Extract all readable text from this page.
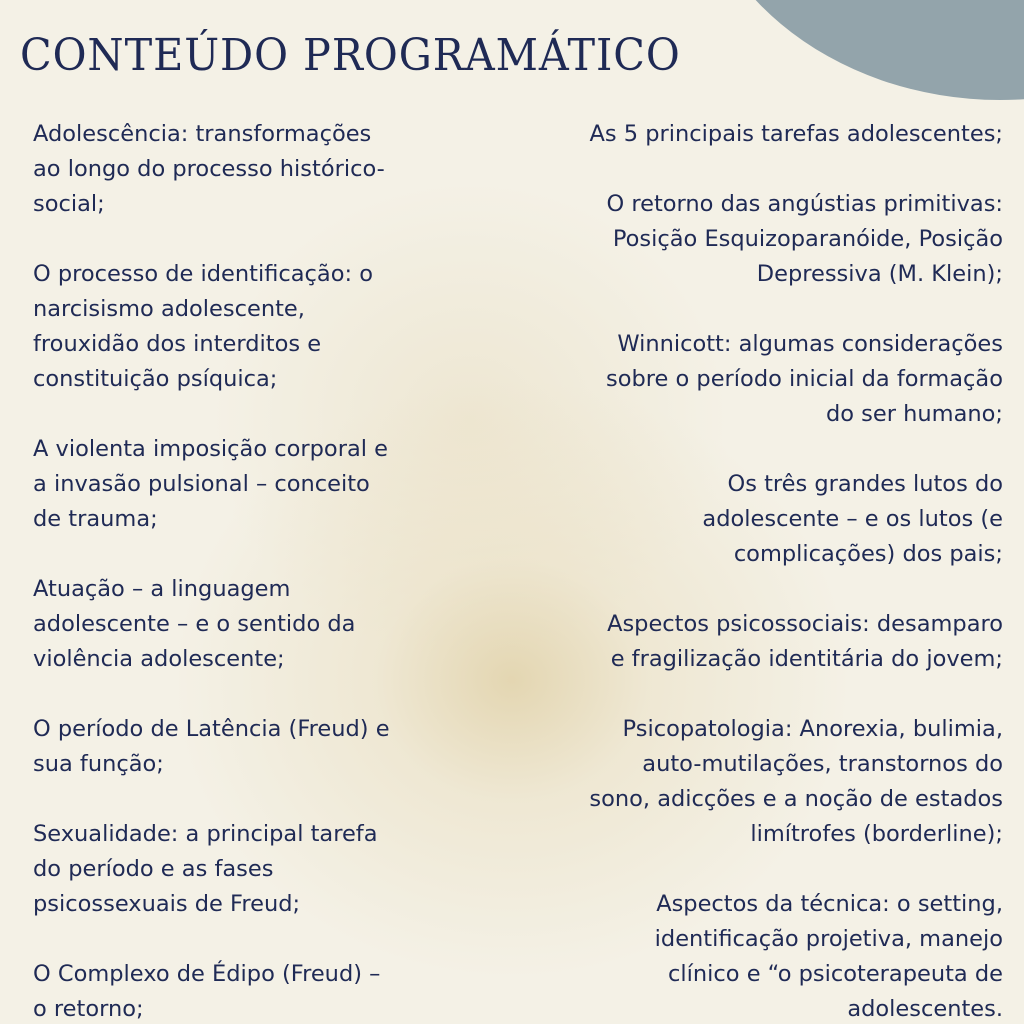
CONTEÚDO PROGRAMÁTICO

Adolescência: transformações
ao longo do processo histórico-
social;

O processo de identificação: o
narcisismo adolescente,
frouxidão dos interditos e
constituição psíquica;

A violenta imposição corporal e
a invasão pulsional – conceito
de trauma;

Atuação – a linguagem
adolescente – e o sentido da
violência adolescente;

O período de Latência (Freud) e
sua função;

Sexualidade: a principal tarefa
do período e as fases
psicossexuais de Freud;

O Complexo de Édipo (Freud) –
o retorno;

As 5 principais tarefas adolescentes;

O retorno das angústias primitivas:
Posição Esquizoparanóide, Posição
Depressiva (M. Klein);

Winnicott: algumas considerações
sobre o período inicial da formação
do ser humano;

Os três grandes lutos do
adolescente – e os lutos (e
complicações) dos pais;

Aspectos psicossociais: desamparo
e fragilização identitária do jovem;

Psicopatologia: Anorexia, bulimia,
auto-mutilações, transtornos do
sono, adicções e a noção de estados
limítrofes (borderline);

Aspectos da técnica: o setting,
identificação projetiva, manejo
clínico e “o psicoterapeuta de
adolescentes.
